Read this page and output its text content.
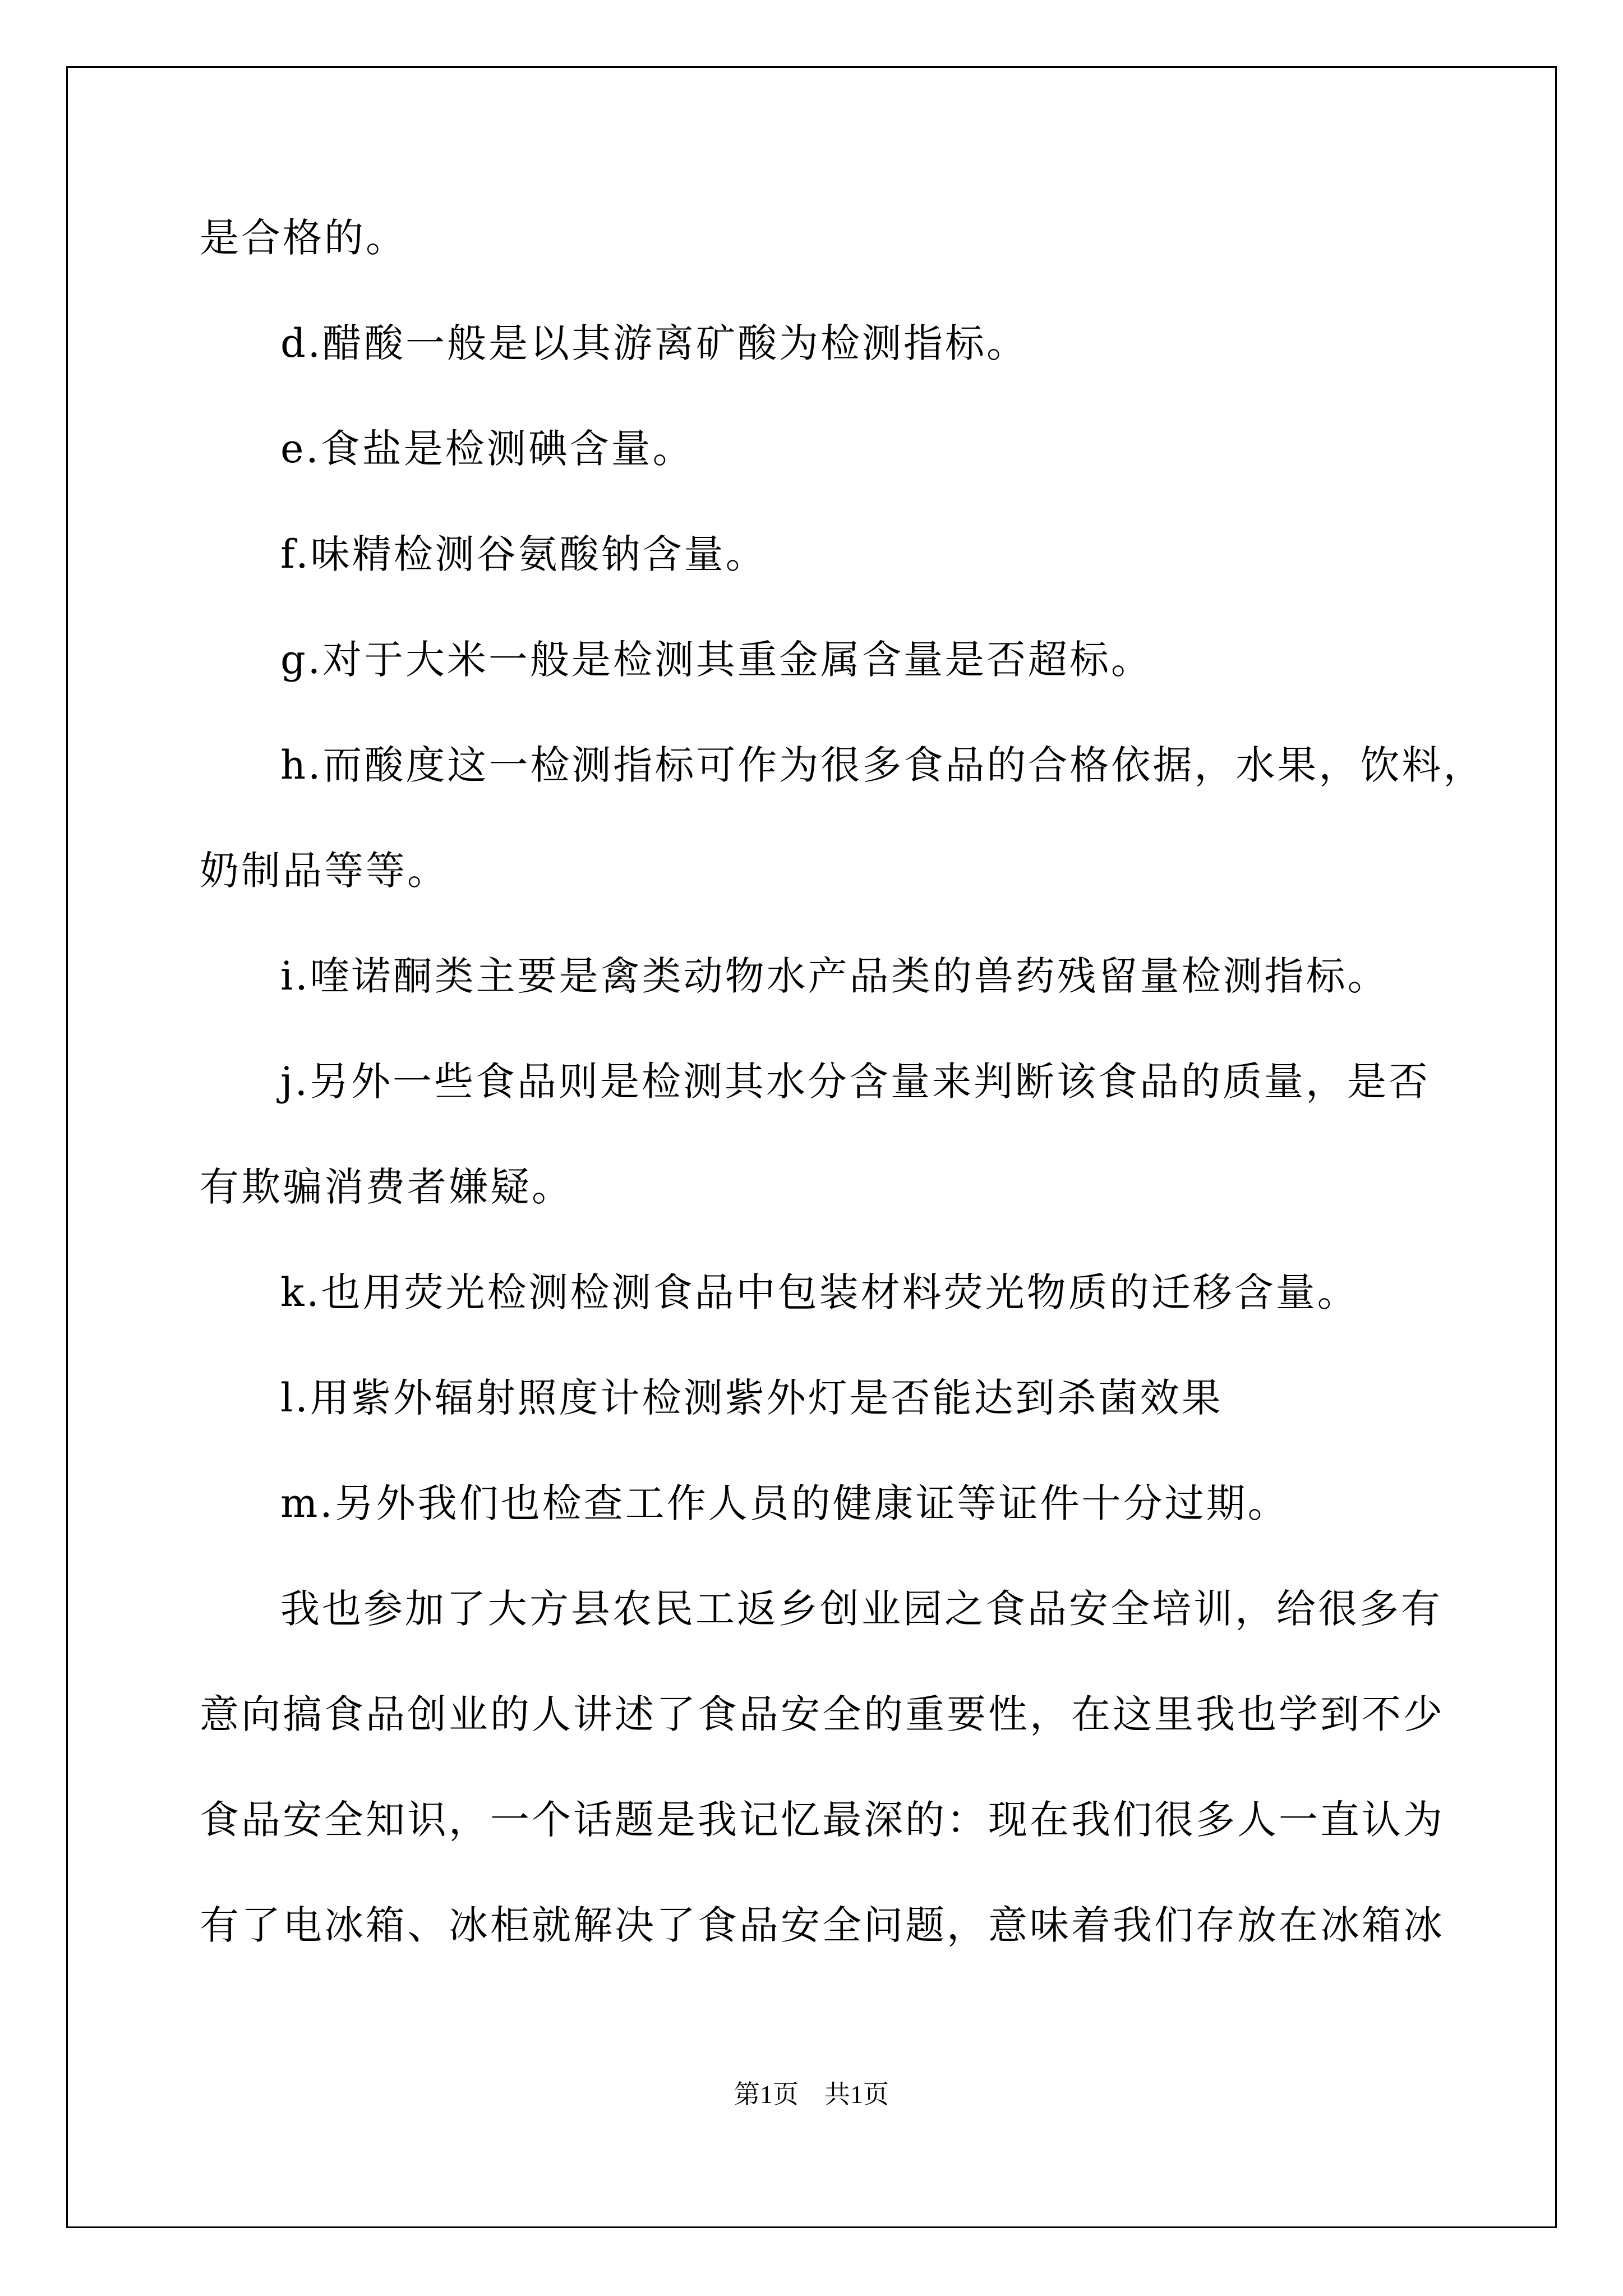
是合格的。
d.醋酸一般是以其游离矿酸为检测指标。
e.食盐是检测碘含量。
f.味精检测谷氨酸钠含量。
g.对于大米一般是检测其重金属含量是否超标。
h.而酸度这一检测指标可作为很多食品的合格依据，水果，饮料，
奶制品等等。
i.喹诺酮类主要是禽类动物水产品类的兽药残留量检测指标。
j.另外一些食品则是检测其水分含量来判断该食品的质量，是否
有欺骗消费者嫌疑。
k.也用荧光检测检测食品中包装材料荧光物质的迁移含量。
l.用紫外辐射照度计检测紫外灯是否能达到杀菌效果
m.另外我们也检查工作人员的健康证等证件十分过期。
我也参加了大方县农民工返乡创业园之食品安全培训，给很多有
意向搞食品创业的人讲述了食品安全的重要性，在这里我也学到不少
食品安全知识，一个话题是我记忆最深的：现在我们很多人一直认为
有了电冰箱、冰柜就解决了食品安全问题，意味着我们存放在冰箱冰
第1页　共1页
